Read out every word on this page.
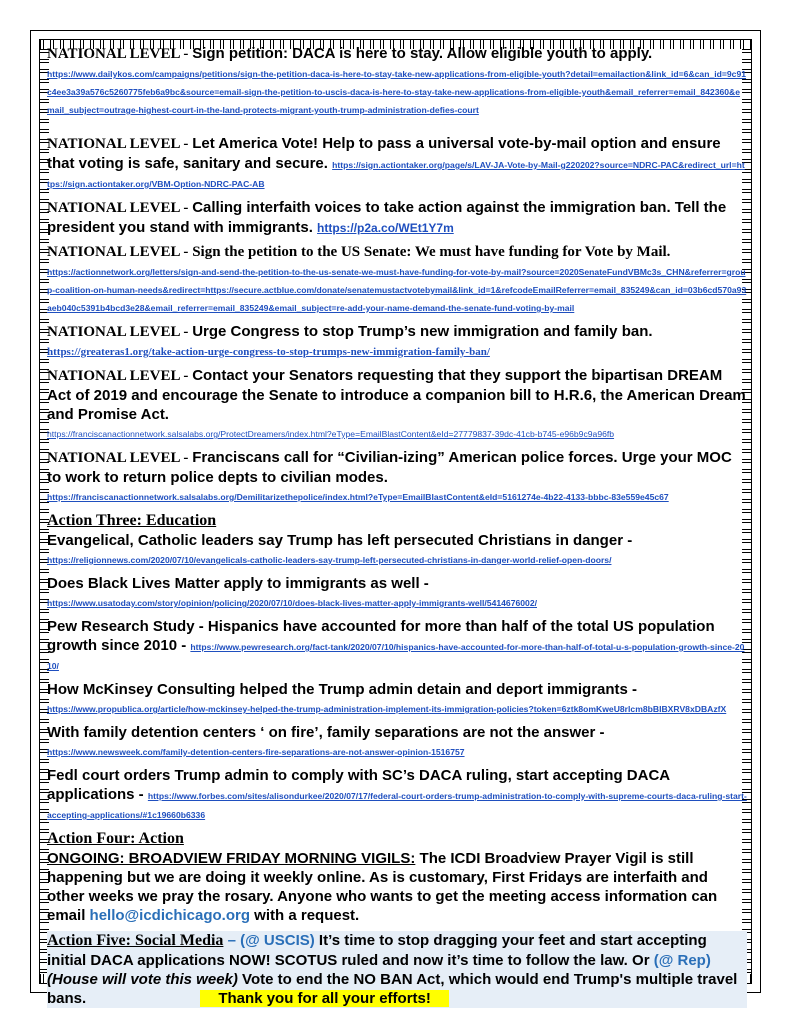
NATIONAL LEVEL - Sign petition: DACA is here to stay. Allow eligible youth to apply.

https://www.dailykos.com/campaigns/petitions/sign-the-petition-daca-is-here-to-stay-take-new-applications-from-eligible-youth?detail=emailaction&link_id=6&can_id=9c91c4ee3a39a576c5260775feb6a9bc&source=email-sign-the-petition-to-uscis-daca-is-here-to-stay-take-new-applications-from-eligible-youth&email_referrer=email_842360&email_subject=outrage-highest-court-in-the-land-protects-migrant-youth-trump-administration-defies-court

NATIONAL LEVEL - Let America Vote! Help to pass a universal vote-by-mail option and ensure that voting is safe, sanitary and secure. https://sign.actiontaker.org/page/s/LAV-JA-Vote-by-Mail-g220202?source=NDRC-PAC&redirect_url=https://sign.actiontaker.org/VBM-Option-NDRC-PAC-AB

NATIONAL LEVEL - Calling interfaith voices to take action against the immigration ban. Tell the president you stand with immigrants. https://p2a.co/WEt1Y7m

NATIONAL LEVEL - Sign the petition to the US Senate: We must have funding for Vote by Mail.

https://actionnetwork.org/letters/sign-and-send-the-petition-to-the-us-senate-we-must-have-funding-for-vote-by-mail?source=2020SenateFundVBMc3s_CHN&referrer=group-coalition-on-human-needs&redirect=https://secure.actblue.com/donate/senatemustactvotebymail&link_id=1&refcodeEmailReferrer=email_835249&can_id=03b6cd570a93aeb040c5391b4bcd3e28&email_referrer=email_835249&email_subject=re-add-your-name-demand-the-senate-fund-voting-by-mail

NATIONAL LEVEL - Urge Congress to stop Trump’s new immigration and family ban.

https://greateras1.org/take-action-urge-congress-to-stop-trumps-new-immigration-family-ban/

NATIONAL LEVEL - Contact your Senators requesting that they support the bipartisan DREAM Act of 2019 and encourage the Senate to introduce a companion bill to H.R.6, the American Dream and Promise Act.

https://franciscanactionnetwork.salsalabs.org/ProtectDreamers/index.html?eType=EmailBlastContent&eId=27779837-39dc-41cb-b745-e96b9c9a96fb

NATIONAL LEVEL - Franciscans call for “Civilian-izing” American police forces. Urge your MOC to work to return police depts to civilian modes.

https://franciscanactionnetwork.salsalabs.org/Demilitarizethepolice/index.html?eType=EmailBlastContent&eId=5161274e-4b22-4133-bbbc-83e559e45c67
Action Three: Education

Evangelical, Catholic leaders say Trump has left persecuted Christians in danger -

https://religionnews.com/2020/07/10/evangelicals-catholic-leaders-say-trump-left-persecuted-christians-in-danger-world-relief-open-doors/

Does Black Lives Matter apply to immigrants as well -

https://www.usatoday.com/story/opinion/policing/2020/07/10/does-black-lives-matter-apply-immigrants-well/5414676002/

Pew Research Study - Hispanics have accounted for more than half of the total US population growth since 2010 - https://www.pewresearch.org/fact-tank/2020/07/10/hispanics-have-accounted-for-more-than-half-of-total-u-s-population-growth-since-2010/

How McKinsey Consulting helped the Trump admin detain and deport immigrants -

https://www.propublica.org/article/how-mckinsey-helped-the-trump-administration-implement-its-immigration-policies?token=6ztk8omKweU8rlcm8bBIBXRV8xDBAzfX

With family detention centers ‘ on fire’, family separations are not the answer -

https://www.newsweek.com/family-detention-centers-fire-separations-are-not-answer-opinion-1516757

Fedl court orders Trump admin to comply with SC’s DACA ruling, start accepting DACA applications - https://www.forbes.com/sites/alisondurkee/2020/07/17/federal-court-orders-trump-administration-to-comply-with-supreme-courts-daca-ruling-start-accepting-applications/#1c19660b6336

Action Four: Action

ONGOING: BROADVIEW FRIDAY MORNING VIGILS: The ICDI Broadview Prayer Vigil is still happening but we are doing it weekly online. As is customary, First Fridays are interfaith and other weeks we pray the rosary. Anyone who wants to get the meeting access information can email hello@icdichicago.org with a request.

Action Five: Social Media – (@ USCIS) It’s time to stop dragging your feet and start accepting initial DACA applications NOW! SCOTUS ruled and now it’s time to follow the law. Or (@ Rep) (House will vote this week) Vote to end the NO BAN Act, which would end Trump's multiple travel bans.	Thank you for all your efforts!
